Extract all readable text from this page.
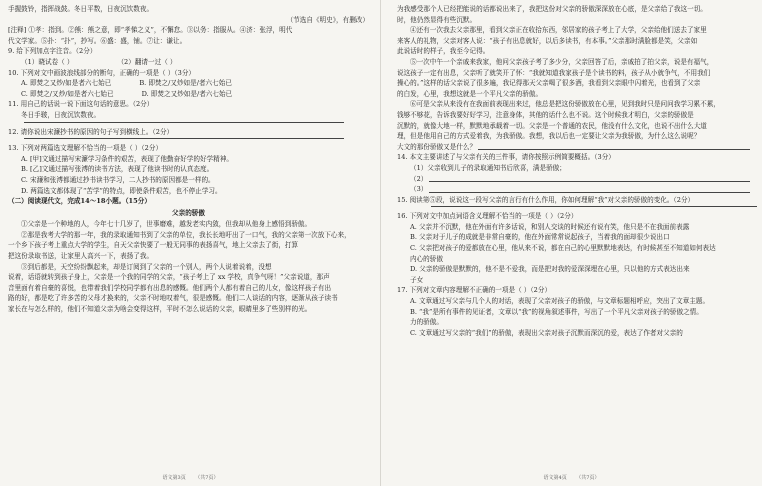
手握鼓铃，指挥战鼓。冬日平数，日夜沉饮数夜。

（节选自《明史》，有删改）

[注释] ①孝：指到。②熊：熊之意，即“孝悌之义”，不懈怠。③以务：指服从。④济：张浮，明代

代文学家。⑤扑：“扑”，抄写。⑥盛：盛，铺。⑦让：谦让。

9. 给下列加点字注音。（2分）

（1）晓试卷（ ）	（2）翻请一过（ ）

10. 下列对文中画波浪线部分的断句，正确的一项是（ ）（3分）

A. 即焚之又炒/如是者六七始已	B. 即焚之/又炒如是/者六七始已
C. 即焚之/又炒/如是者六七始已	D. 即焚之又炒如是/者六七始已

11. 用自己的话说一说下面这句话的意思。（2分）

冬日手皲，日夜沉饮数夜。

12. 请你说出宋濂抄书的原因的句子写到横线上。（2分）

13. 下列对两篇选文理解不恰当的一项是（ ）（2分）

A. [甲]文通过描写宋濂学习条件的艰苦，表现了他勤奋好学的好学精神。

B. [乙]文通过描写张溥的读书方法，表现了他读书时的认真态度。

C. 宋濂和张溥都通过抄书读书学习，二人抄书的原因都是一样的。

D. 两篇选文都体现了“苦学”的特点，即使条件艰苦，也不停止学习。

（二）阅读现代文，完成14～18小题。（15分）

父亲的骄傲

①父亲是一个种地的人，今年七十几岁了，世事磨难，越发老实内敛，但我却从他身上感悟到骄傲。

②那是我考大学的那一年，我的录取通知书到了父亲的单位，我长长地吁出了一口气，我的父亲第一次放下心来，

一个乡下孩子考上重点大学的学生，自天父亲快要了一般无同事的表扬喜气，地上父亲去了街，打算

把这份录取书送，让家里人高兴一下，表扬了我。

③到后都是，天空纷纷飘起来，却是订阅到了父亲的一个别人，两个人说着说着，没想

说着，话语就转到孩子身上，父亲是一个我的同学的父亲，“孩子考上了 xx 学校，真争气呀！”父亲说道，那声

音里面有着自豪的喜悦，也带着我们学校同学都有出息的感慨。他们两个人都有着自己的儿女，像这样孩子有出

路的好，都是吃了许多苦的父母才换来的，父亲不时地叹着气，很是感慨。他们二人谈话的内容，逐渐从孩子读书

家长在与怎么样的，他们不知道父亲为啥会变得这样，平时不怎么说话的父亲，眼睛里多了些别样的光。

语文第3页 （共7页）

为我感受那个人已经把能说的话都说出来了，我把这份对父亲的骄傲深深放在心底，是父亲给了我这一切。

时，他仍然显得有些沉默。

④还有一次我去父亲那里，看到父亲正在收拾东西，邻居家的孩子考上了大学，父亲给他们送去了家里

来客人的礼物，父亲对客人说：“孩子有出息就好，以后多读书，有本事。”父亲那时满脸都是笑，父亲如

此说话时的样子，我至今记得。

⑤一次中午一个亲戚来我家，他问父亲孩子考了多少分，父亲回答了后，亲戚拍了拍父亲，说是有福气，

说这孩子一定有出息，父亲听了就笑开了怀：“我就知道我家孩子是个读书的料，孩子从小就争气，不用我们

操心的。”这样的话父亲说了很多遍，我记得那天父亲喝了很多酒，我看到父亲眼中闪着光，也看到了父亲

的白发，心里，我想这就是一个平凡父亲的骄傲。

⑥可是父亲从来没有在我面前表现出来过，他总是把这份骄傲放在心里，见到我时只是问问我学习累不累，

钱够不够花，告诉我要好好学习，注意身体，其他的话什么也不说。这个时候我才明白，父亲的骄傲是

沉默的，就像大地一样，默默地承载着一切。父亲是一个普通的农民，他没有什么文化，也说不出什么大道

理，但是他用自己的方式爱着我，为我骄傲。我想，我以后也一定要让父亲为我骄傲，为什么这么说呢？

大文的那份骄傲又是什么？

14. 本文主要讲述了与父亲有关的三件事，请你按照示例简要概括。（3分）

（1）父亲收到儿子的录取通知书后欣喜，满是骄傲；

（2）
（3）

15. 阅读第⑤段，说说这一段写父亲的言行有什么作用，你如何理解“我”对父亲的骄傲的变化。（2分）

16. 下列对文中加点词语含义理解不恰当的一项是（ ）（2分）

A. 父亲并不沉默，他在外面有许多话说，和别人交谈的时候还有说有笑，他只是不在我面前表露

B. 父亲对于儿子的成就是非常自豪的，他在外面常常说起孩子，当着我的面却很少说出口

C. 父亲把对孩子的爱都放在心里，他从来不说，都在自己的心里默默地表达，有时候甚至不知道如何表达

内心的骄傲

D. 父亲的骄傲是默默的，他不是不爱我，而是把对我的爱深深埋在心里，只以他的方式表达出来

子女

17. 下列对文章内容理解不正确的一项是（ ）（2分）

A. 文章通过写父亲与几个人的对话，表现了父亲对孩子的骄傲，与文章标题相呼应，突出了文章主题。

B. “我”是所有事件的见证者，文章以“我”的视角叙述事件，写出了一个平凡父亲对孩子的骄傲之情。

力的骄傲。

C. 文章通过写父亲的“我们”的骄傲，表现出父亲对孩子沉默而深沉的爱，表达了作者对父亲的

语文第4页 （共7页）
